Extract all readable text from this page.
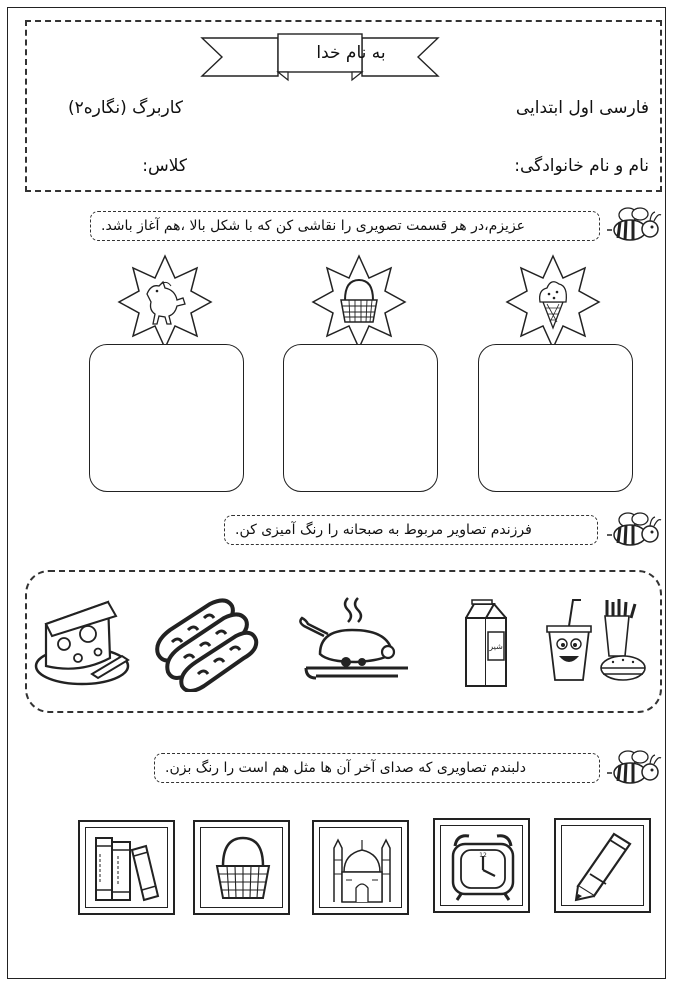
به نام خدا
فارسی اول ابتدایی
کاربرگ (نگاره۲)
نام و نام خانوادگی:
کلاس:
عزیزم،در هر قسمت تصویری را نقاشی کن که با شکل بالا ،هم آغاز باشد.
فرزندم تصاویر مربوط به صبحانه را رنگ آمیزی کن.
شیر
دلبندم تصاویری که صدای آخر آن ها مثل هم است را رنگ بزن.
12
